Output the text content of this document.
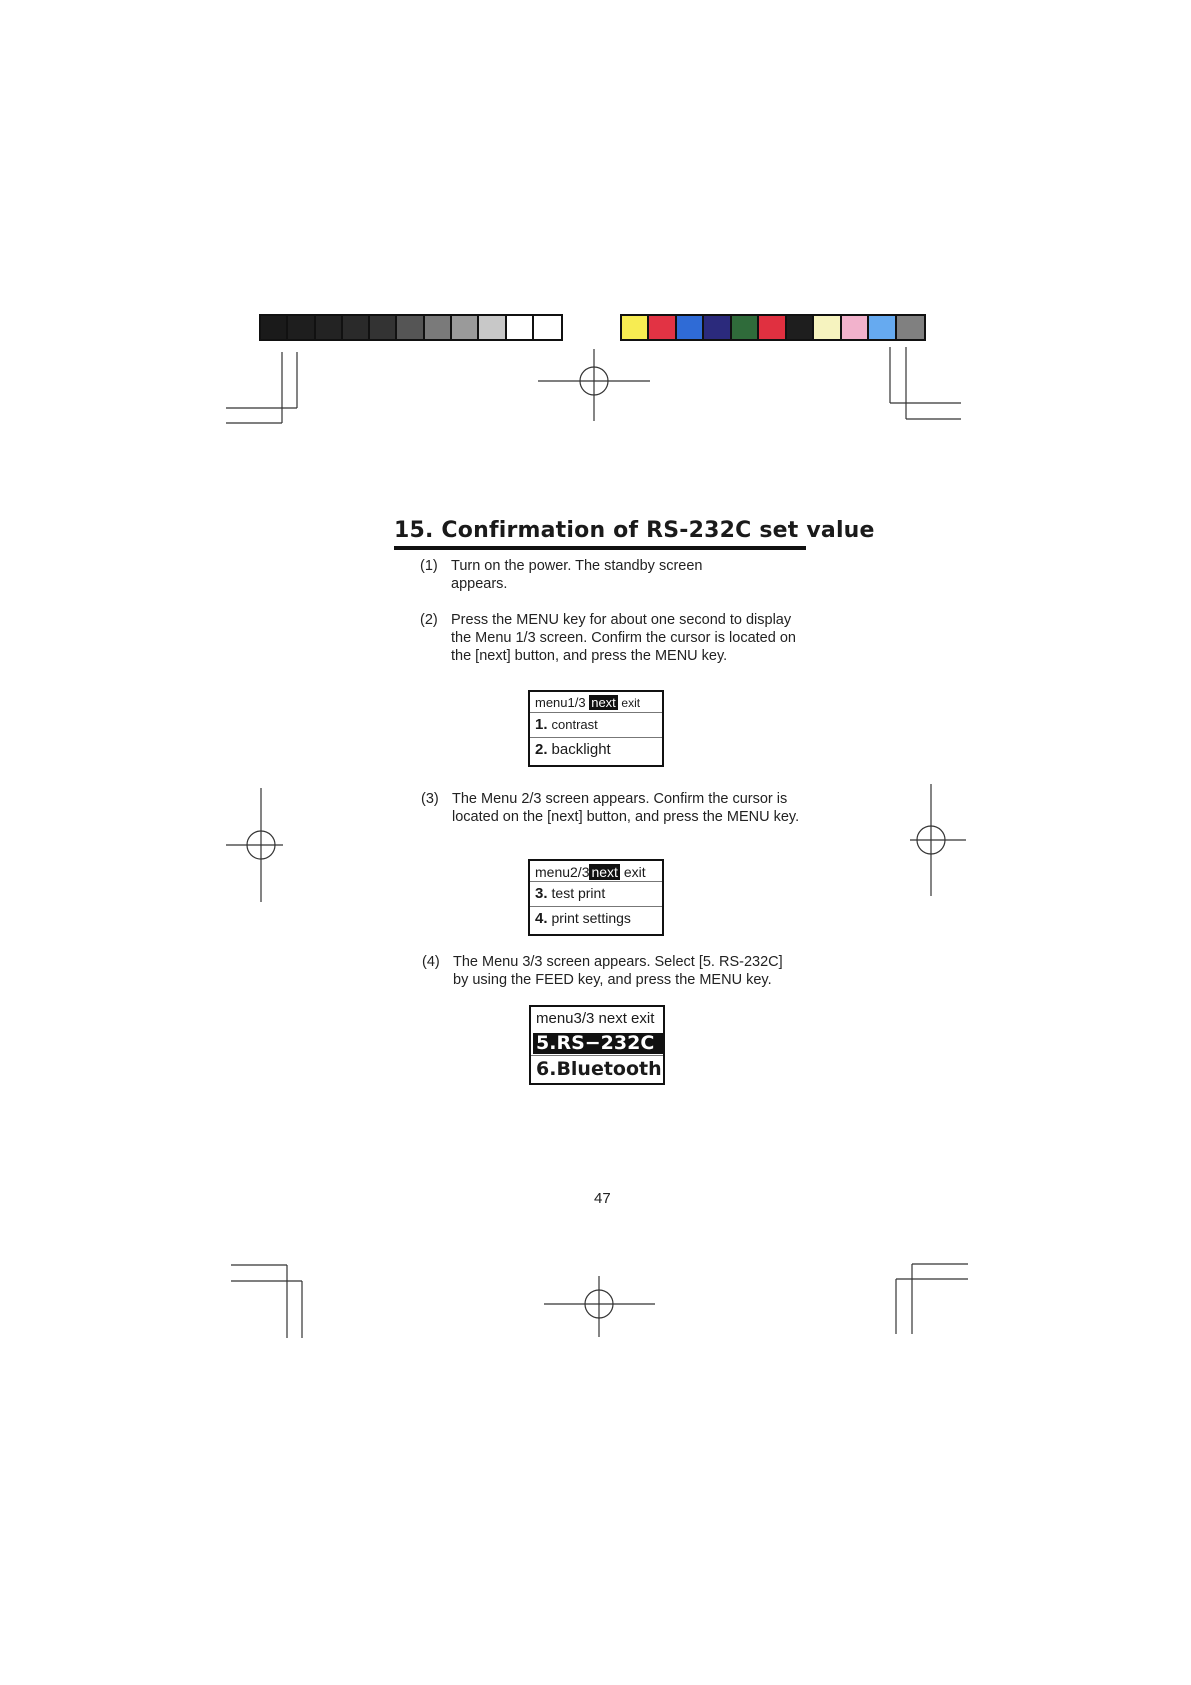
15. Confirmation of RS-232C set value
(1) Turn on the power. The standby screen appears.
(2) Press the MENU key for about one second to display the Menu 1/3 screen. Confirm the cursor is located on the [next] button, and press the MENU key.
menu1/3 next exit
1. contrast
2. backlight
(3) The Menu 2/3 screen appears. Confirm the cursor is located on the [next] button, and press the MENU key.
menu2/3 next exit
3. test print
4. print settings
(4) The Menu 3/3 screen appears. Select [5. RS-232C] by using the FEED key, and press the MENU key.
menu3/3 next exit
5.RS−232C
6.Bluetooth
47
